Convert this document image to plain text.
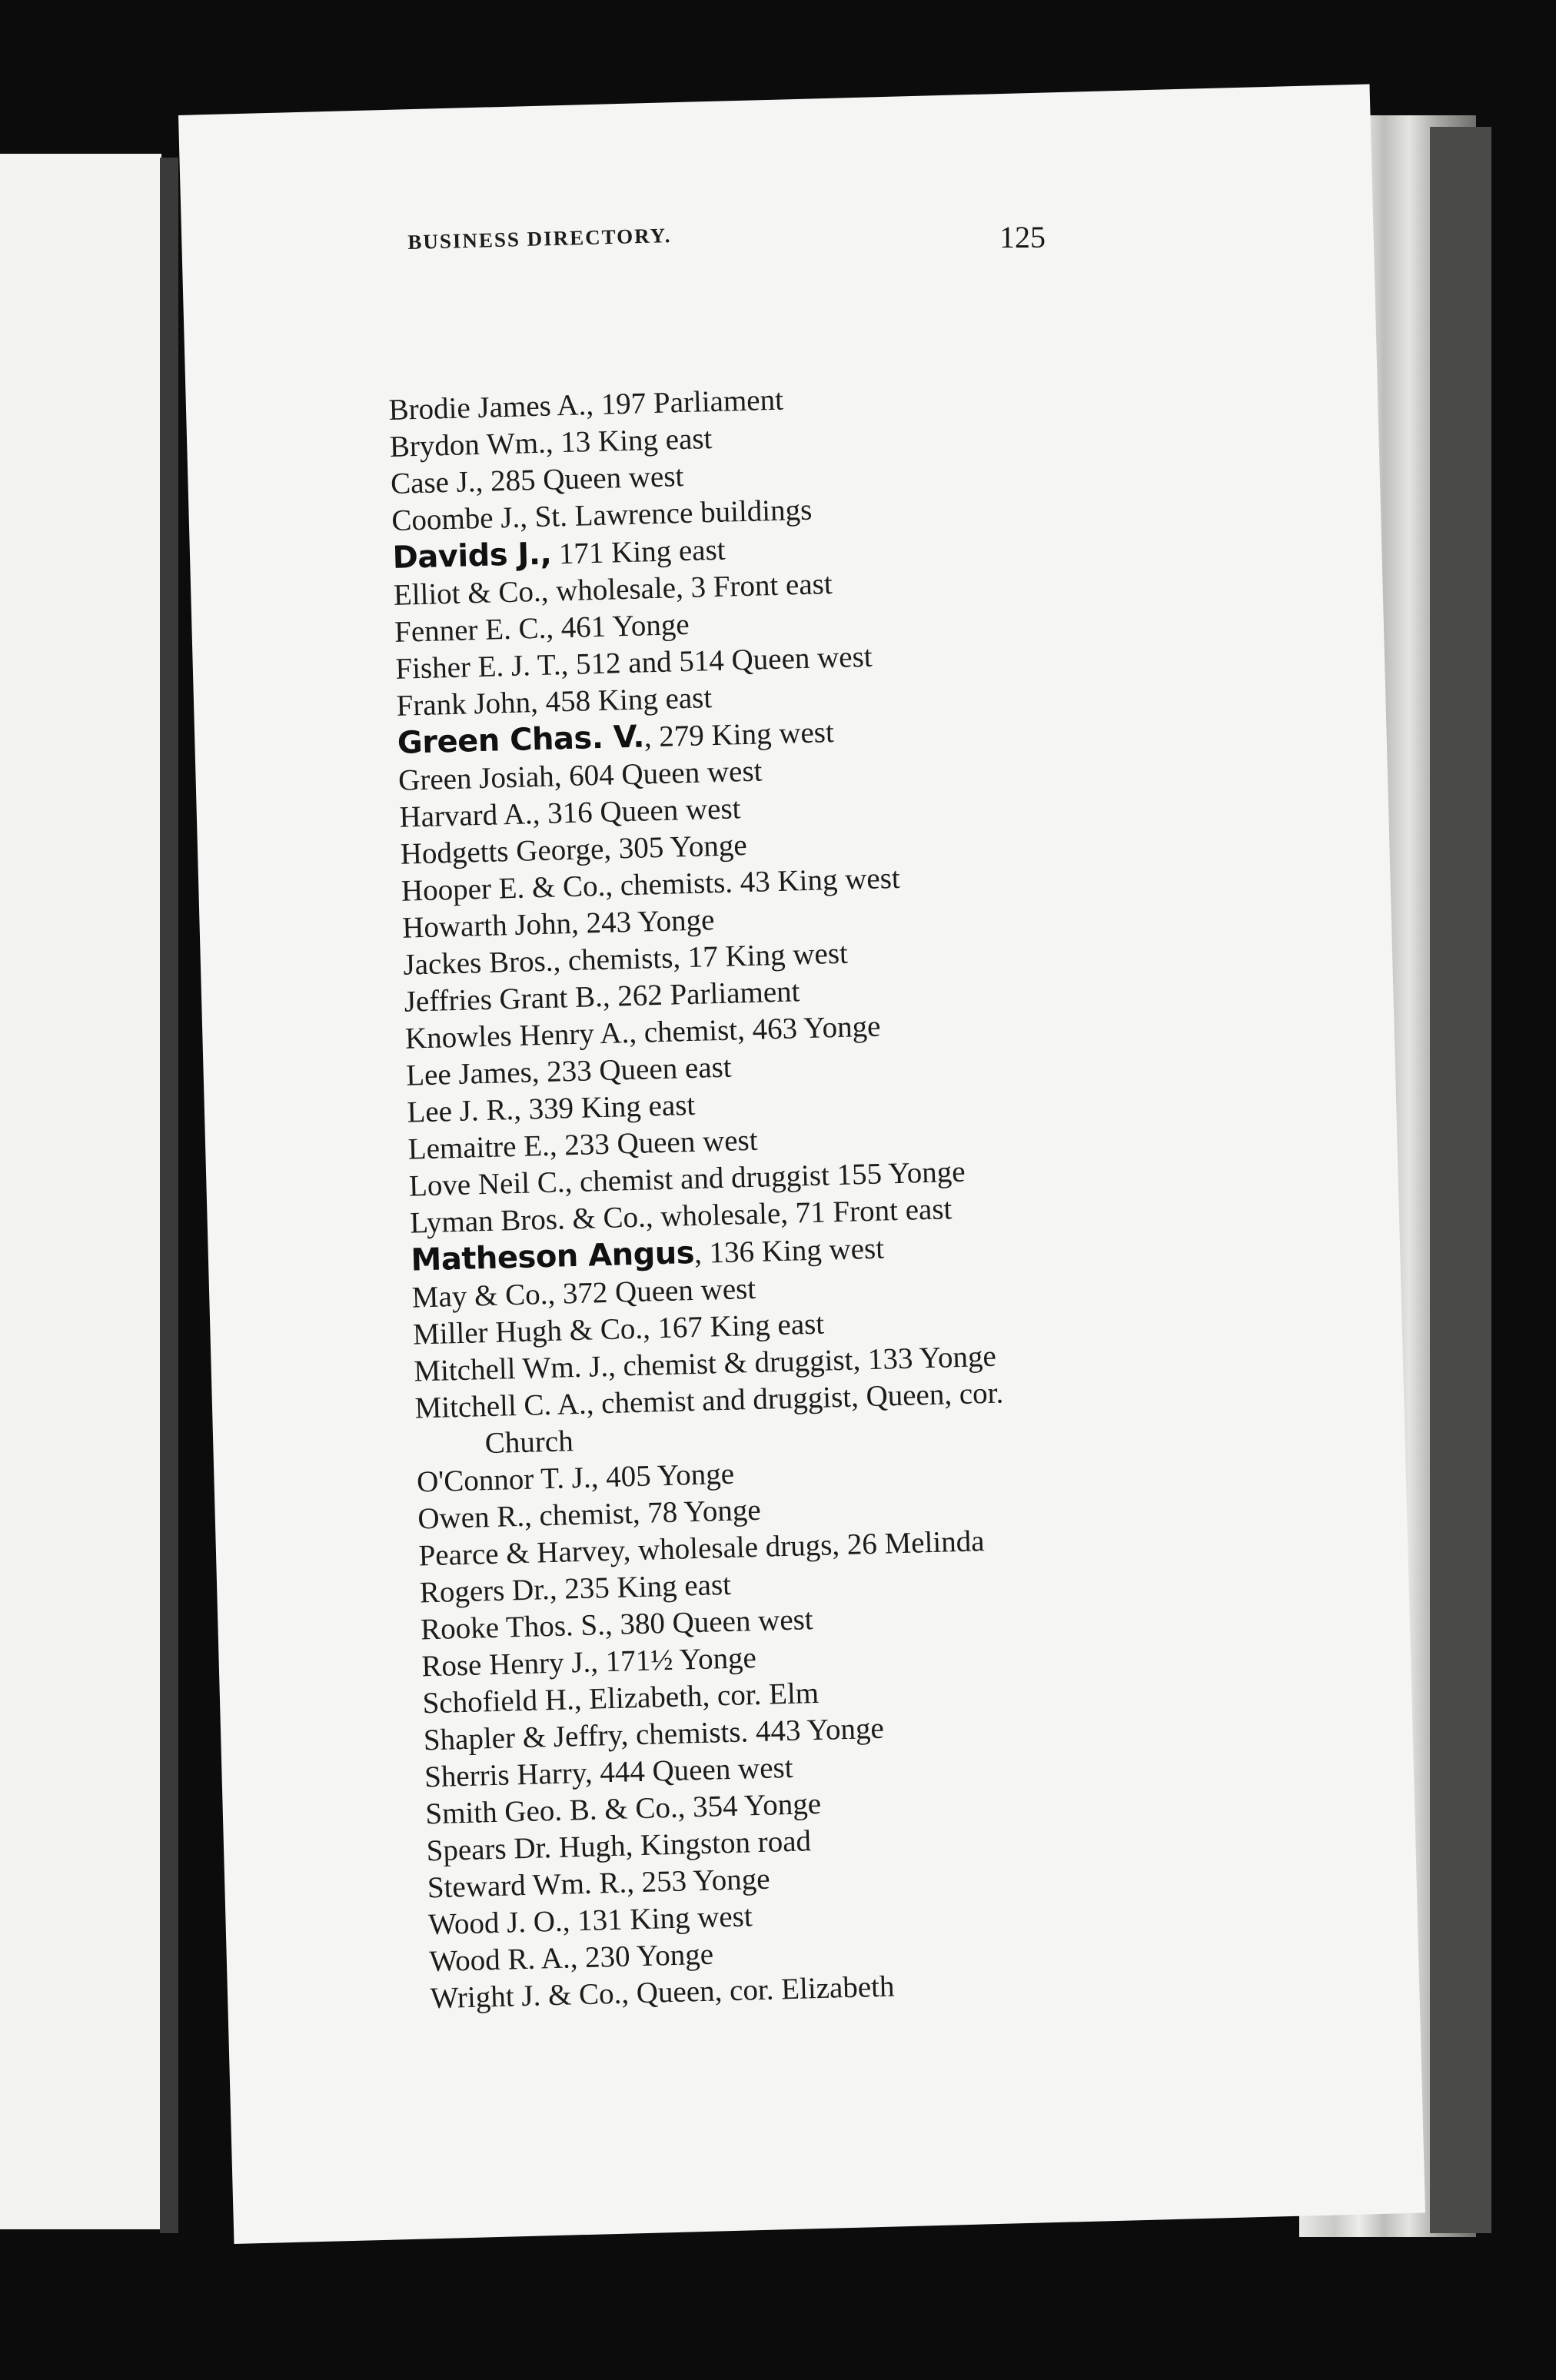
BUSINESS DIRECTORY.	125
Brodie James A., 197 Parliament
Brydon Wm., 13 King east
Case J., 285 Queen west
Coombe J., St. Lawrence buildings
Davids J., 171 King east
Elliot & Co., wholesale, 3 Front east
Fenner E. C., 461 Yonge
Fisher E. J. T., 512 and 514 Queen west
Frank John, 458 King east
Green Chas. V., 279 King west
Green Josiah, 604 Queen west
Harvard A., 316 Queen west
Hodgetts George, 305 Yonge
Hooper E. & Co., chemists. 43 King west
Howarth John, 243 Yonge
Jackes Bros., chemists, 17 King west
Jeffries Grant B., 262 Parliament
Knowles Henry A., chemist, 463 Yonge
Lee James, 233 Queen east
Lee J. R., 339 King east
Lemaitre E., 233 Queen west
Love Neil C., chemist and druggist 155 Yonge
Lyman Bros. & Co., wholesale, 71 Front east
Matheson Angus, 136 King west
May & Co., 372 Queen west
Miller Hugh & Co., 167 King east
Mitchell Wm. J., chemist & druggist, 133 Yonge
Mitchell C. A., chemist and druggist, Queen, cor.
Church
O'Connor T. J., 405 Yonge
Owen R., chemist, 78 Yonge
Pearce & Harvey, wholesale drugs, 26 Melinda
Rogers Dr., 235 King east
Rooke Thos. S., 380 Queen west
Rose Henry J., 171½ Yonge
Schofield H., Elizabeth, cor. Elm
Shapler & Jeffry, chemists. 443 Yonge
Sherris Harry, 444 Queen west
Smith Geo. B. & Co., 354 Yonge
Spears Dr. Hugh, Kingston road
Steward Wm. R., 253 Yonge
Wood J. O., 131 King west
Wood R. A., 230 Yonge
Wright J. & Co., Queen, cor. Elizabeth
